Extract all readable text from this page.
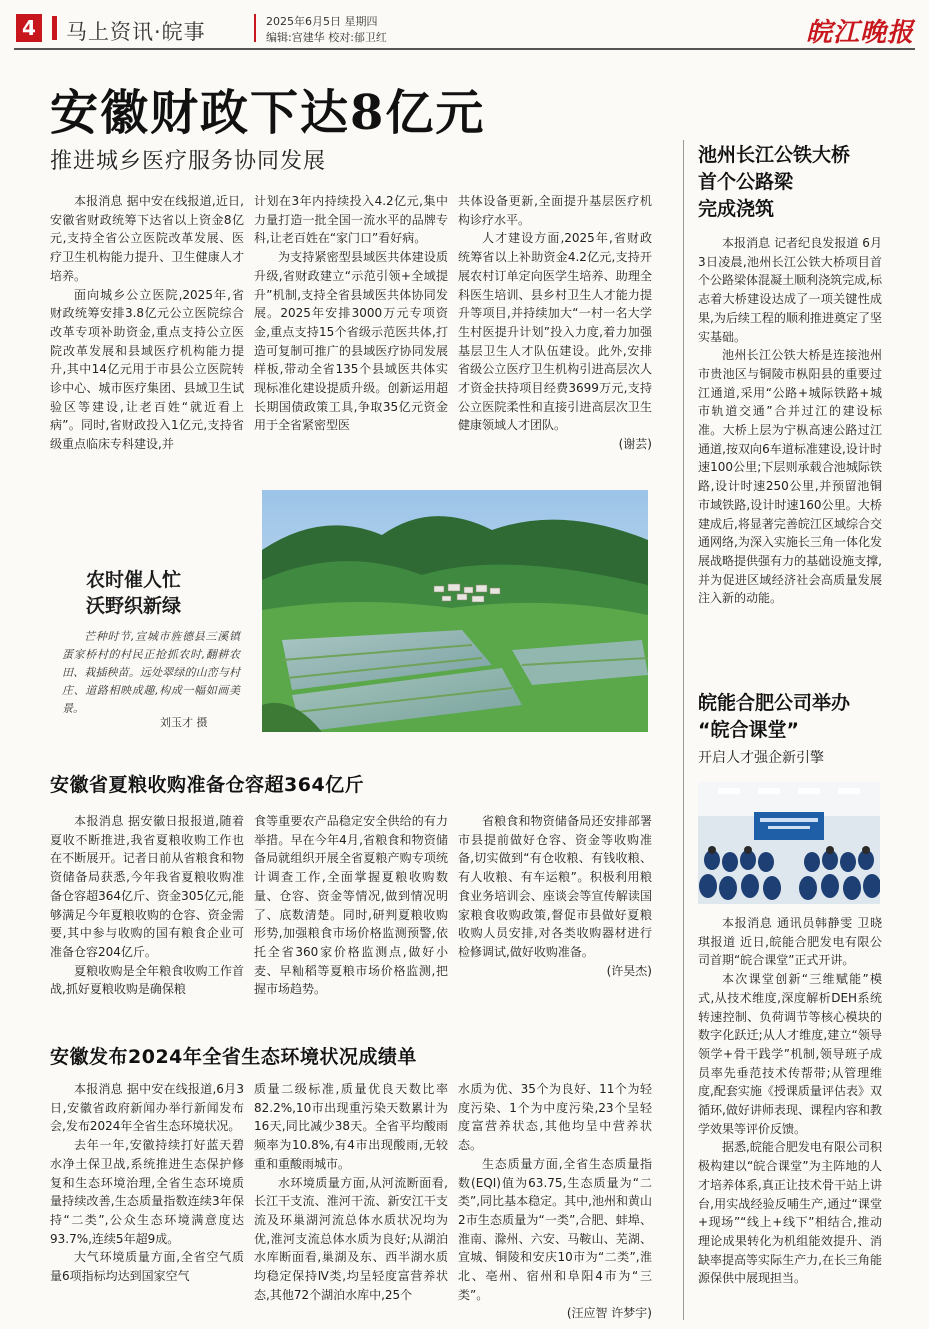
4 马上资讯·皖事	2025年6月5日 星期四
编辑:宫建华 校对:郁卫红	皖江晚报
安徽财政下达8亿元
推进城乡医疗服务协同发展

本报消息 据中安在线报道,近日,安徽省财政统筹下达省以上资金8亿元,支持全省公立医院改革发展、医疗卫生机构能力提升、卫生健康人才培养。

面向城乡公立医院,2025年,省财政统筹安排3.8亿元公立医院综合改革专项补助资金,重点支持公立医院改革发展和县域医疗机构能力提升,其中14亿元用于市县公立医院转诊中心、城市医疗集团、县域卫生试验区等建设,让老百姓“就近看上病”。同时,省财政投入1亿元,支持省级重点临床专科建设,并

计划在3年内持续投入4.2亿元,集中力量打造一批全国一流水平的品牌专科,让老百姓在“家门口”看好病。

为支持紧密型县域医共体建设质升级,省财政建立“示范引领+全域提升”机制,支持全省县域医共体协同发展。2025年安排3000万元专项资金,重点支持15个省级示范医共体,打造可复制可推广的县域医疗协同发展样板,带动全省135个县域医共体实现标准化建设提质升级。创新运用超长期国债政策工具,争取35亿元资金用于全省紧密型医

共体设备更新,全面提升基层医疗机构诊疗水平。

人才建设方面,2025年,省财政统筹省以上补助资金4.2亿元,支持开展农村订单定向医学生培养、助理全科医生培训、县乡村卫生人才能力提升等项目,并持续加大“一村一名大学生村医提升计划”投入力度,着力加强基层卫生人才队伍建设。此外,安排省级公立医疗卫生机构引进高层次人才资金扶持项目经费3699万元,支持公立医院柔性和直接引进高层次卫生健康领域人才团队。

(谢芸)
农时催人忙
沃野织新绿

芒种时节,宣城市旌德县三溪镇蛋家桥村的村民正抢抓农时,翻耕农田、栽插秧苗。远处翠绿的山峦与村庄、道路相映成趣,构成一幅如画美景。

刘玉才 摄
安徽省夏粮收购准备仓容超364亿斤

本报消息 据安徽日报报道,随着夏收不断推进,我省夏粮收购工作也在不断展开。记者日前从省粮食和物资储备局获悉,今年我省夏粮收购准备仓容超364亿斤、资金305亿元,能够满足今年夏粮收购的仓容、资金需要,其中参与收购的国有粮食企业可准备仓容204亿斤。

夏粮收购是全年粮食收购工作首战,抓好夏粮收购是确保粮

食等重要农产品稳定安全供给的有力举措。早在今年4月,省粮食和物资储备局就组织开展全省夏粮产购专项统计调查工作,全面掌握夏粮收购数量、仓容、资金等情况,做到情况明了、底数清楚。同时,研判夏粮收购形势,加强粮食市场价格监测预警,依托全省360家价格监测点,做好小麦、早籼稻等夏粮市场价格监测,把握市场趋势。

省粮食和物资储备局还安排部署市县提前做好仓容、资金等收购准备,切实做到“有仓收粮、有钱收粮、有人收粮、有车运粮”。积极利用粮食业务培训会、座谈会等宣传解读国家粮食收购政策,督促市县做好夏粮收购人员安排,对各类收购器材进行检修调试,做好收购准备。

(许昊杰)
安徽发布2024年全省生态环境状况成绩单

本报消息 据中安在线报道,6月3日,安徽省政府新闻办举行新闻发布会,发布2024年全省生态环境状况。

去年一年,安徽持续打好蓝天碧水净土保卫战,系统推进生态保护修复和生态环境治理,全省生态环境质量持续改善,生态质量指数连续3年保持“二类”,公众生态环境满意度达93.7%,连续5年超9成。

大气环境质量方面,全省空气质量6项指标均达到国家空气

质量二级标准,质量优良天数比率82.2%,10市出现重污染天数累计为16天,同比减少38天。全省平均酸雨频率为10.8%,有4市出现酸雨,无较重和重酸雨城市。

水环境质量方面,从河流断面看,长江干支流、淮河干流、新安江干支流及环巢湖河流总体水质状况均为优,淮河支流总体水质为良好;从湖泊水库断面看,巢湖及东、西半湖水质均稳定保持Ⅳ类,均呈轻度富营养状态,其他72个湖泊水库中,25个

水质为优、35个为良好、11个为轻度污染、1个为中度污染,23个呈轻度富营养状态,其他均呈中营养状态。

生态质量方面,全省生态质量指数(EQI)值为63.75,生态质量为“二类”,同比基本稳定。其中,池州和黄山2市生态质量为“一类”,合肥、蚌埠、淮南、滁州、六安、马鞍山、芜湖、宣城、铜陵和安庆10市为“二类”,淮北、亳州、宿州和阜阳4市为“三类”。

(汪应智 许梦宇)
池州长江公铁大桥
首个公路梁
完成浇筑

本报消息 记者纪良发报道 6月3日凌晨,池州长江公铁大桥项目首个公路梁体混凝土顺利浇筑完成,标志着大桥建设达成了一项关键性成果,为后续工程的顺利推进奠定了坚实基础。

池州长江公铁大桥是连接池州市贵池区与铜陵市枞阳县的重要过江通道,采用“公路+城际铁路+城市轨道交通”合并过江的建设标准。大桥上层为宁枞高速公路过江通道,按双向6车道标准建设,设计时速100公里;下层则承载合池城际铁路,设计时速250公里,并预留池铜市域铁路,设计时速160公里。大桥建成后,将显著完善皖江区域综合交通网络,为深入实施长三角一体化发展战略提供强有力的基础设施支撑,并为促进区域经济社会高质量发展注入新的动能。

皖能合肥公司举办
“皖合课堂”
开启人才强企新引擎

本报消息 通讯员韩静雯 卫晓琪报道 近日,皖能合肥发电有限公司首期“皖合课堂”正式开讲。

本次课堂创新“三维赋能”模式,从技术维度,深度解析DEH系统转速控制、负荷调节等核心模块的数字化跃迁;从人才维度,建立“领导领学+骨干践学”机制,领导班子成员率先垂范技术传帮带;从管理维度,配套实施《授课质量评估表》双循环,做好讲师表现、课程内容和教学效果等评价反馈。

据悉,皖能合肥发电有限公司积极构建以“皖合课堂”为主阵地的人才培养体系,真正让技术骨干站上讲台,用实战经验反哺生产,通过“课堂+现场”“线上+线下”相结合,推动理论成果转化为机组能效提升、消缺率提高等实际生产力,在长三角能源保供中展现担当。
